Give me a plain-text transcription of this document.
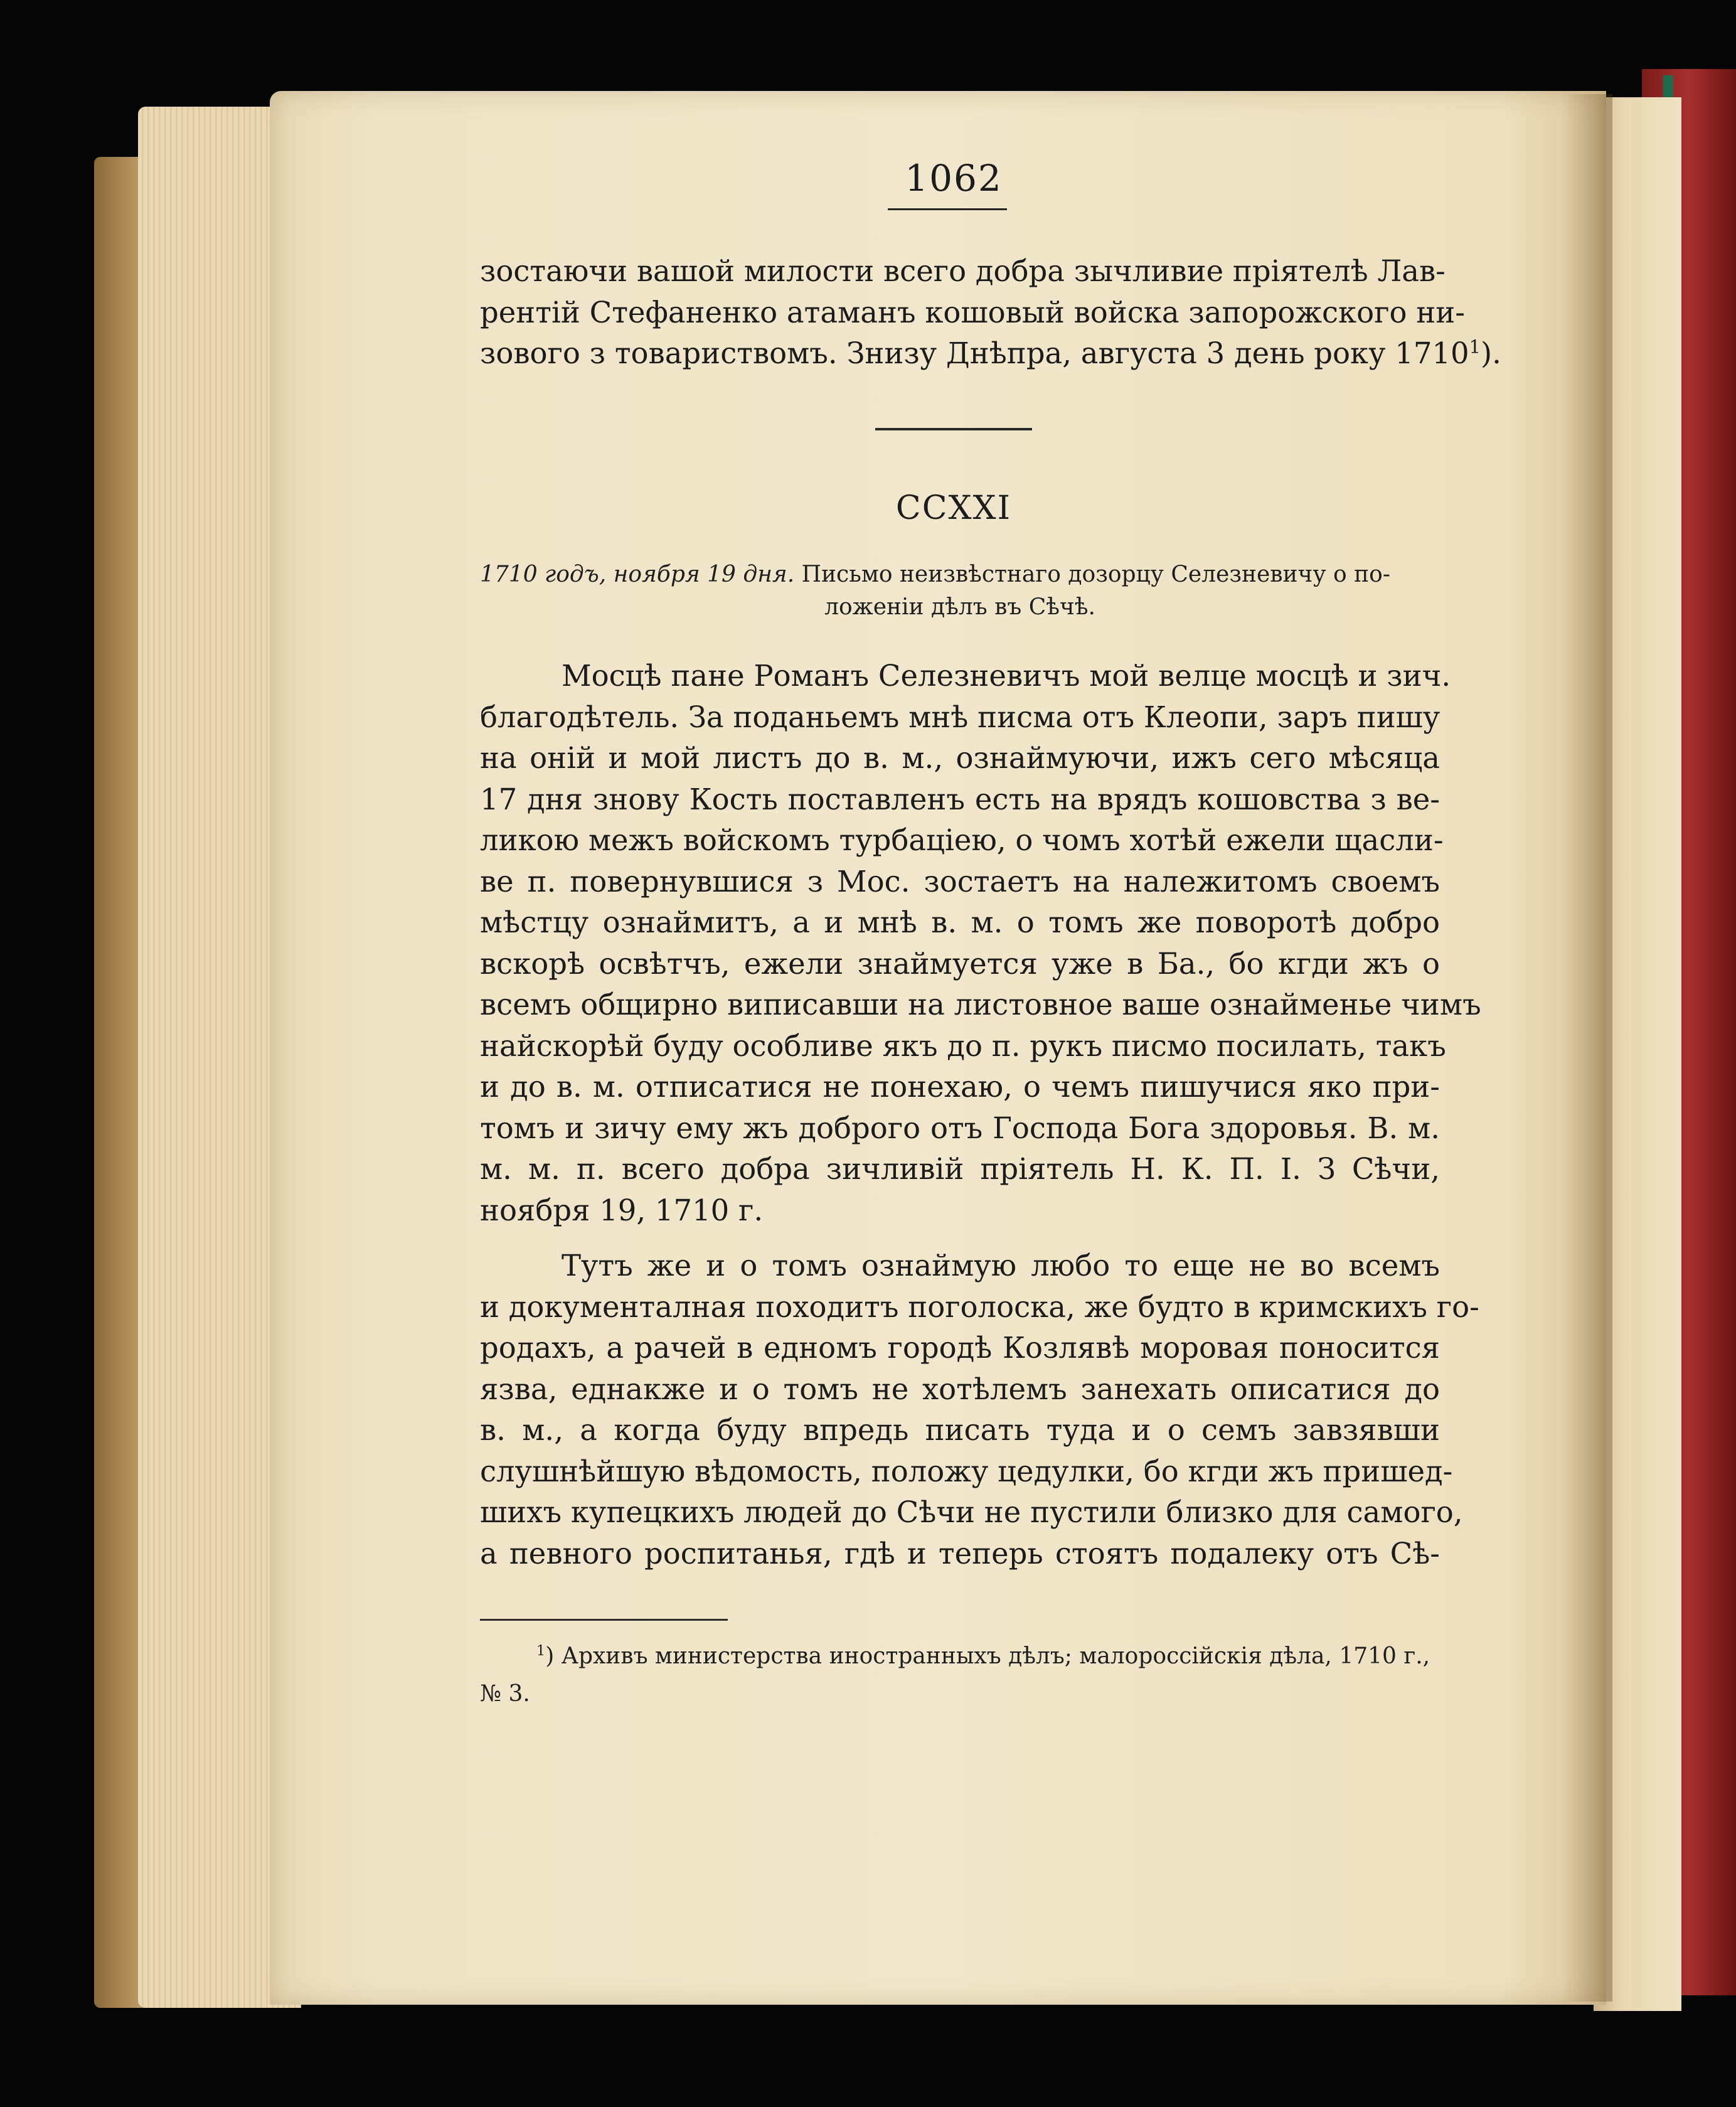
1062
зостаючи вашой милости всего добра зычливие пріятелѣ Лав-
рентій Стефаненко атаманъ кошовый войска запорожского ни-
зового з товариствомъ. Знизу Днѣпра, августа 3 день року 1710$^1$).
CCXXI
1710 годъ, ноября 19 дня. Письмо неизвѣстнаго дозорцу Селезневичу о по-
ложеніи дѣлъ въ Сѣчѣ.
Мосцѣ пане Романъ Селезневичъ мой велце мосцѣ и зич.
благодѣтель. За поданьемъ мнѣ писма отъ Клеопи, заръ пишу
на оній и мой листъ до в. м., ознаймуючи, ижъ сего мѣсяца
17 дня знову Кость поставленъ есть на врядъ кошовства з ве-
ликою межъ войскомъ турбаціею, о чомъ хотѣй ежели щасли-
ве п. повернувшися з Мос. зостаетъ на належитомъ своемъ
мѣстцу ознаймитъ, а и мнѣ в. м. о томъ же поворотѣ добро
вскорѣ освѣтчъ, ежели знаймуется уже в Ба., бо кгди жъ о
всемъ общирно виписавши на листовное ваше ознайменье чимъ
найскорѣй буду особливе якъ до п. рукъ писмо посилать, такъ
и до в. м. отписатися не понехаю, о чемъ пишучися яко при-
томъ и зичу ему жъ доброго отъ Господа Бога здоровья. В. м.
м. м. п. всего добра зичливій пріятель Н. К. П. І. З Сѣчи,
ноября 19, 1710 г.
Тутъ же и о томъ ознаймую любо то еще не во всемъ
и документалная походитъ поголоска, же будто в кримскихъ го-
родахъ, а рачей в едномъ городѣ Козлявѣ моровая поносится
язва, еднакже и о томъ не хотѣлемъ занехать описатися до
в. м., а когда буду впредь писать туда и о семъ завзявши
слушнѣйшую вѣдомость, положу цедулки, бо кгди жъ пришед-
шихъ купецкихъ людей до Сѣчи не пустили близко для самого,
а певного роспитанья, гдѣ и теперь стоятъ подалеку отъ Сѣ-
$^1$) Архивъ министерства иностранныхъ дѣлъ; малороссійскія дѣла, 1710 г.,
№ 3.
